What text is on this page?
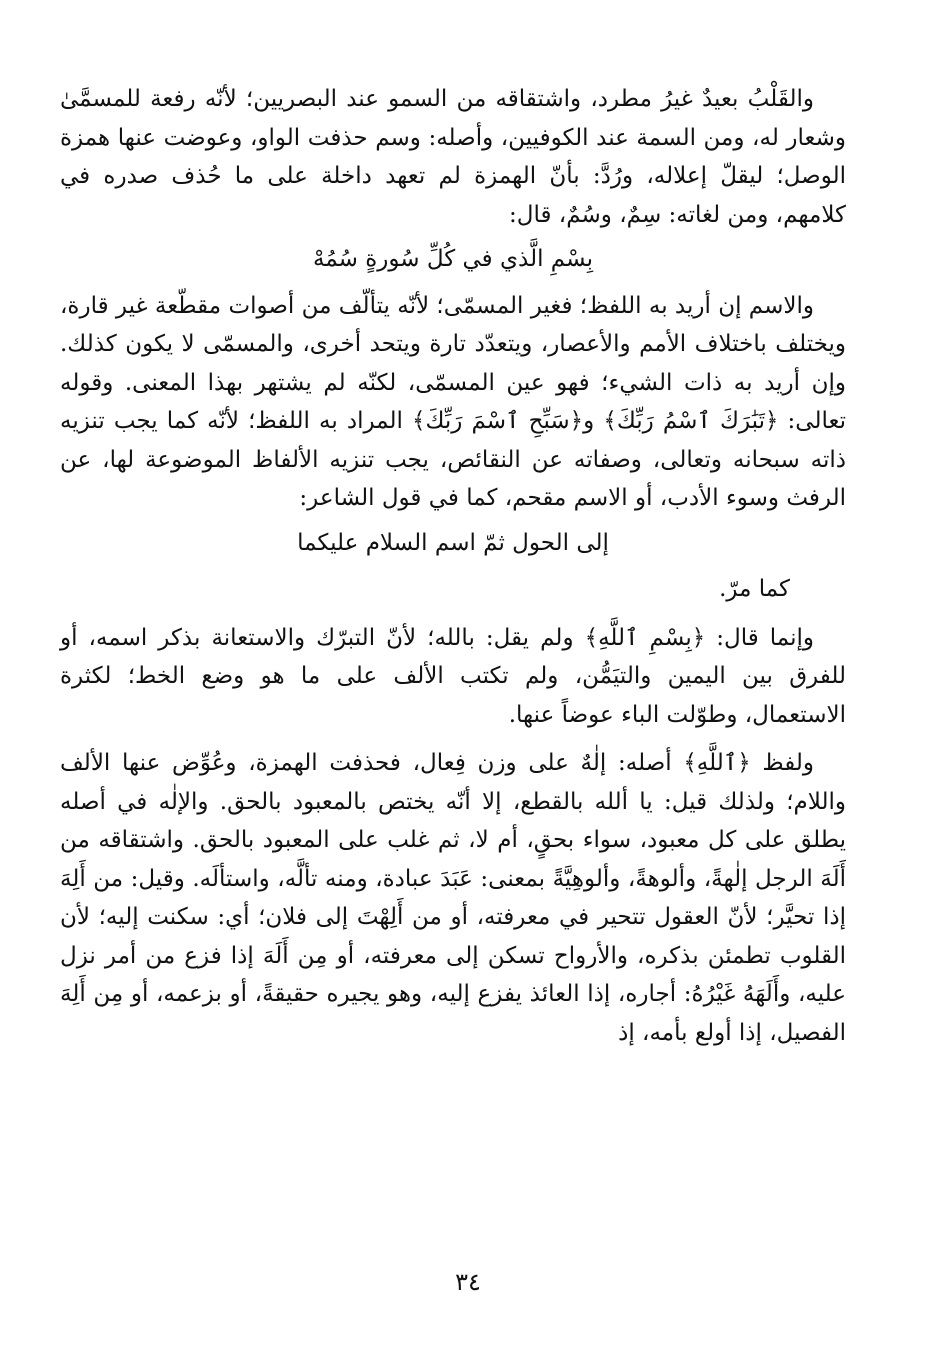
والقَلْبُ بعيدٌ غيرُ مطرد، واشتقاقه من السمو عند البصريين؛ لأنّه رفعة للمسمَّىٰ وشعار له، ومن السمة عند الكوفيين، وأصله: وسم حذفت الواو، وعوضت عنها همزة الوصل؛ ليقلّ إعلاله، ورُدَّ: بأنّ الهمزة لم تعهد داخلة على ما حُذف صدره في كلامهم، ومن لغاته: سِمٌ، وسُمٌ، قال:

بِسْمِ الَّذي في كُلِّ سُورةٍ سُمُهْ

والاسم إن أريد به اللفظ؛ فغير المسمّى؛ لأنّه يتألّف من أصوات مقطّعة غير قارة، ويختلف باختلاف الأمم والأعصار، ويتعدّد تارة ويتحد أخرى، والمسمّى لا يكون كذلك. وإن أريد به ذات الشيء؛ فهو عين المسمّى، لكنّه لم يشتهر بهذا المعنى. وقوله تعالى: ﴿تَبَٰرَكَ ٱسْمُ رَبِّكَ﴾ و﴿سَبِّحِ ٱسْمَ رَبِّكَ﴾ المراد به اللفظ؛ لأنّه كما يجب تنزيه ذاته سبحانه وتعالى، وصفاته عن النقائص، يجب تنزيه الألفاظ الموضوعة لها، عن الرفث وسوء الأدب، أو الاسم مقحم، كما في قول الشاعر:

إلى الحول ثمّ اسم السلام عليكما
كما مرّ.

وإنما قال: ﴿بِسْمِ ٱللَّهِ﴾ ولم يقل: بالله؛ لأنّ التبرّك والاستعانة بذكر اسمه، أو للفرق بين اليمين والتيَمُّن، ولم تكتب الألف على ما هو وضع الخط؛ لكثرة الاستعمال، وطوّلت الباء عوضاً عنها.

ولفظ ﴿ٱللَّهِ﴾ أصله: إلٰهٌ على وزن فِعال، فحذفت الهمزة، وعُوِّض عنها الألف واللام؛ ولذلك قيل: يا ألله بالقطع، إلا أنّه يختص بالمعبود بالحق. والإلٰه في أصله يطلق على كل معبود، سواء بحقٍ، أم لا، ثم غلب على المعبود بالحق. واشتقاقه من أَلَهَ الرجل إلٰهةً، وألوهةً، وألوهِيَّةً بمعنى: عَبَدَ عبادة، ومنه تألَّه، واستألَه. وقيل: من أَلِهَ إذا تحيَّر؛ لأنّ العقول تتحير في معرفته، أو من أَلِهْتَ إلى فلان؛ أي: سكنت إليه؛ لأن القلوب تطمئن بذكره، والأرواح تسكن إلى معرفته، أو مِن أَلَهَ إذا فزع من أمر نزل عليه، وأَلَهَهُ غَيْرُهُ: أجاره، إذا العائذ يفزع إليه، وهو يجيره حقيقةً، أو بزعمه، أو مِن أَلِهَ الفصيل، إذا أولع بأمه، إذ

٣٤
